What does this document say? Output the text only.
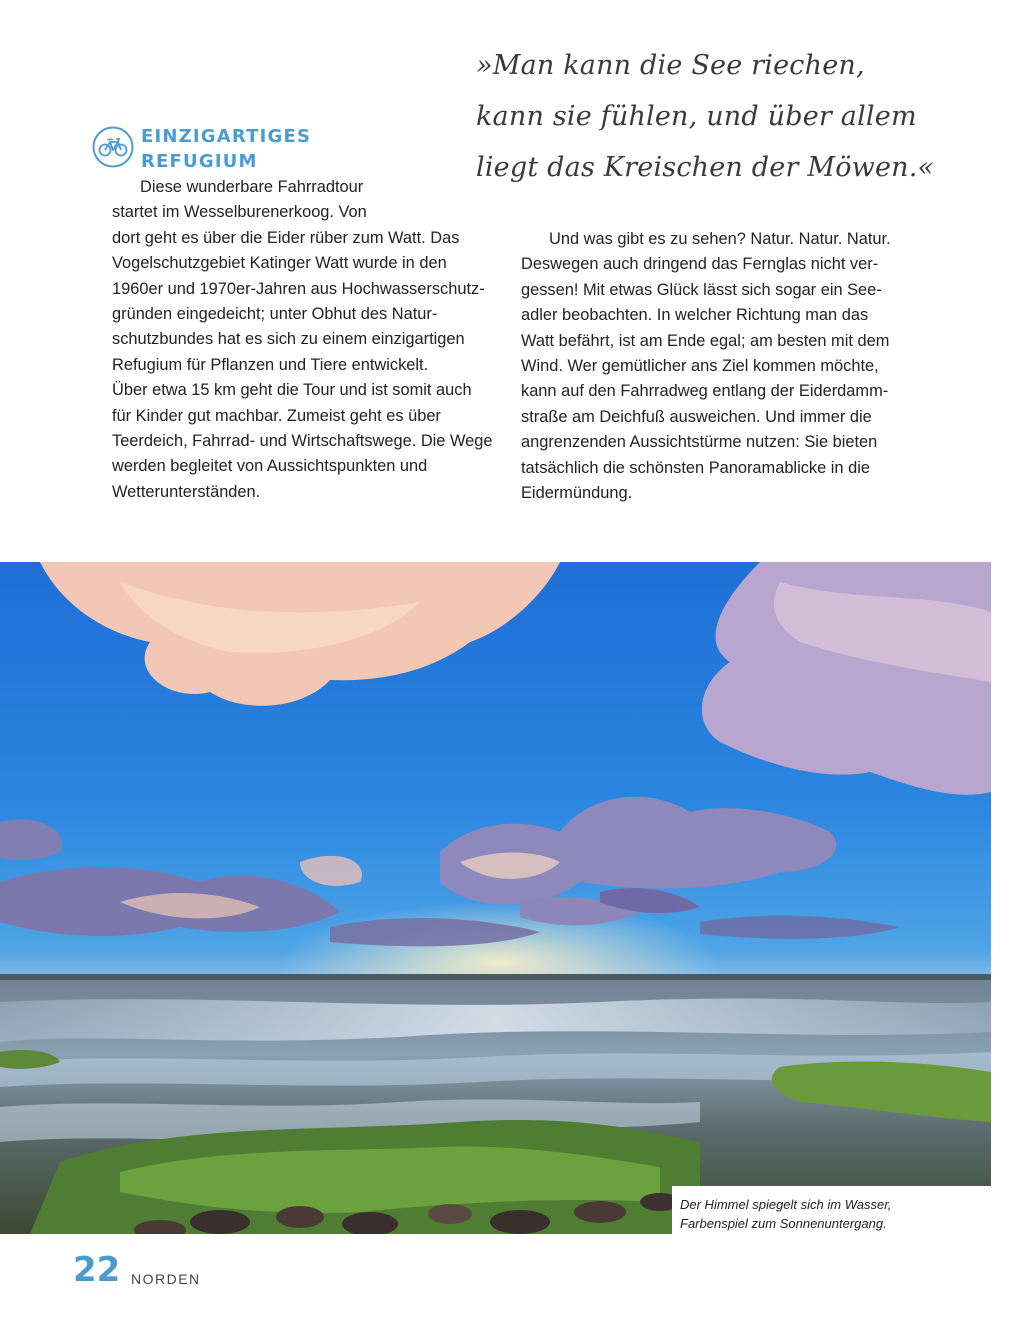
»Man kann die See riechen,
kann sie fühlen, und über allem
liegt das Kreischen der Möwen.«

EINZIGARTIGES
REFUGIUM

Diese wunderbare Fahrradtour
startet im Wesselburenerkoog. Von
dort geht es über die Eider rüber zum Watt. Das
Vogelschutzgebiet Katinger Watt wurde in den
1960er und 1970er-Jahren aus Hochwasserschutz-
gründen eingedeicht; unter Obhut des Natur-
schutzbundes hat es sich zu einem einzigartigen
Refugium für Pflanzen und Tiere entwickelt.
Über etwa 15 km geht die Tour und ist somit auch
für Kinder gut machbar. Zumeist geht es über
Teerdeich, Fahrrad- und Wirtschaftswege. Die Wege
werden begleitet von Aussichtspunkten und
Wetterunterständen.

Und was gibt es zu sehen? Natur. Natur. Natur.
Deswegen auch dringend das Fernglas nicht ver-
gessen! Mit etwas Glück lässt sich sogar ein See-
adler beobachten. In welcher Richtung man das
Watt befährt, ist am Ende egal; am besten mit dem
Wind. Wer gemütlicher ans Ziel kommen möchte,
kann auf den Fahrradweg entlang der Eiderdamm-
straße am Deichfuß ausweichen. Und immer die
angrenzenden Aussichtstürme nutzen: Sie bieten
tatsächlich die schönsten Panoramablicke in die
Eidermündung.

Der Himmel spiegelt sich im Wasser,
Farbenspiel zum Sonnenuntergang.
22 NORDEN
